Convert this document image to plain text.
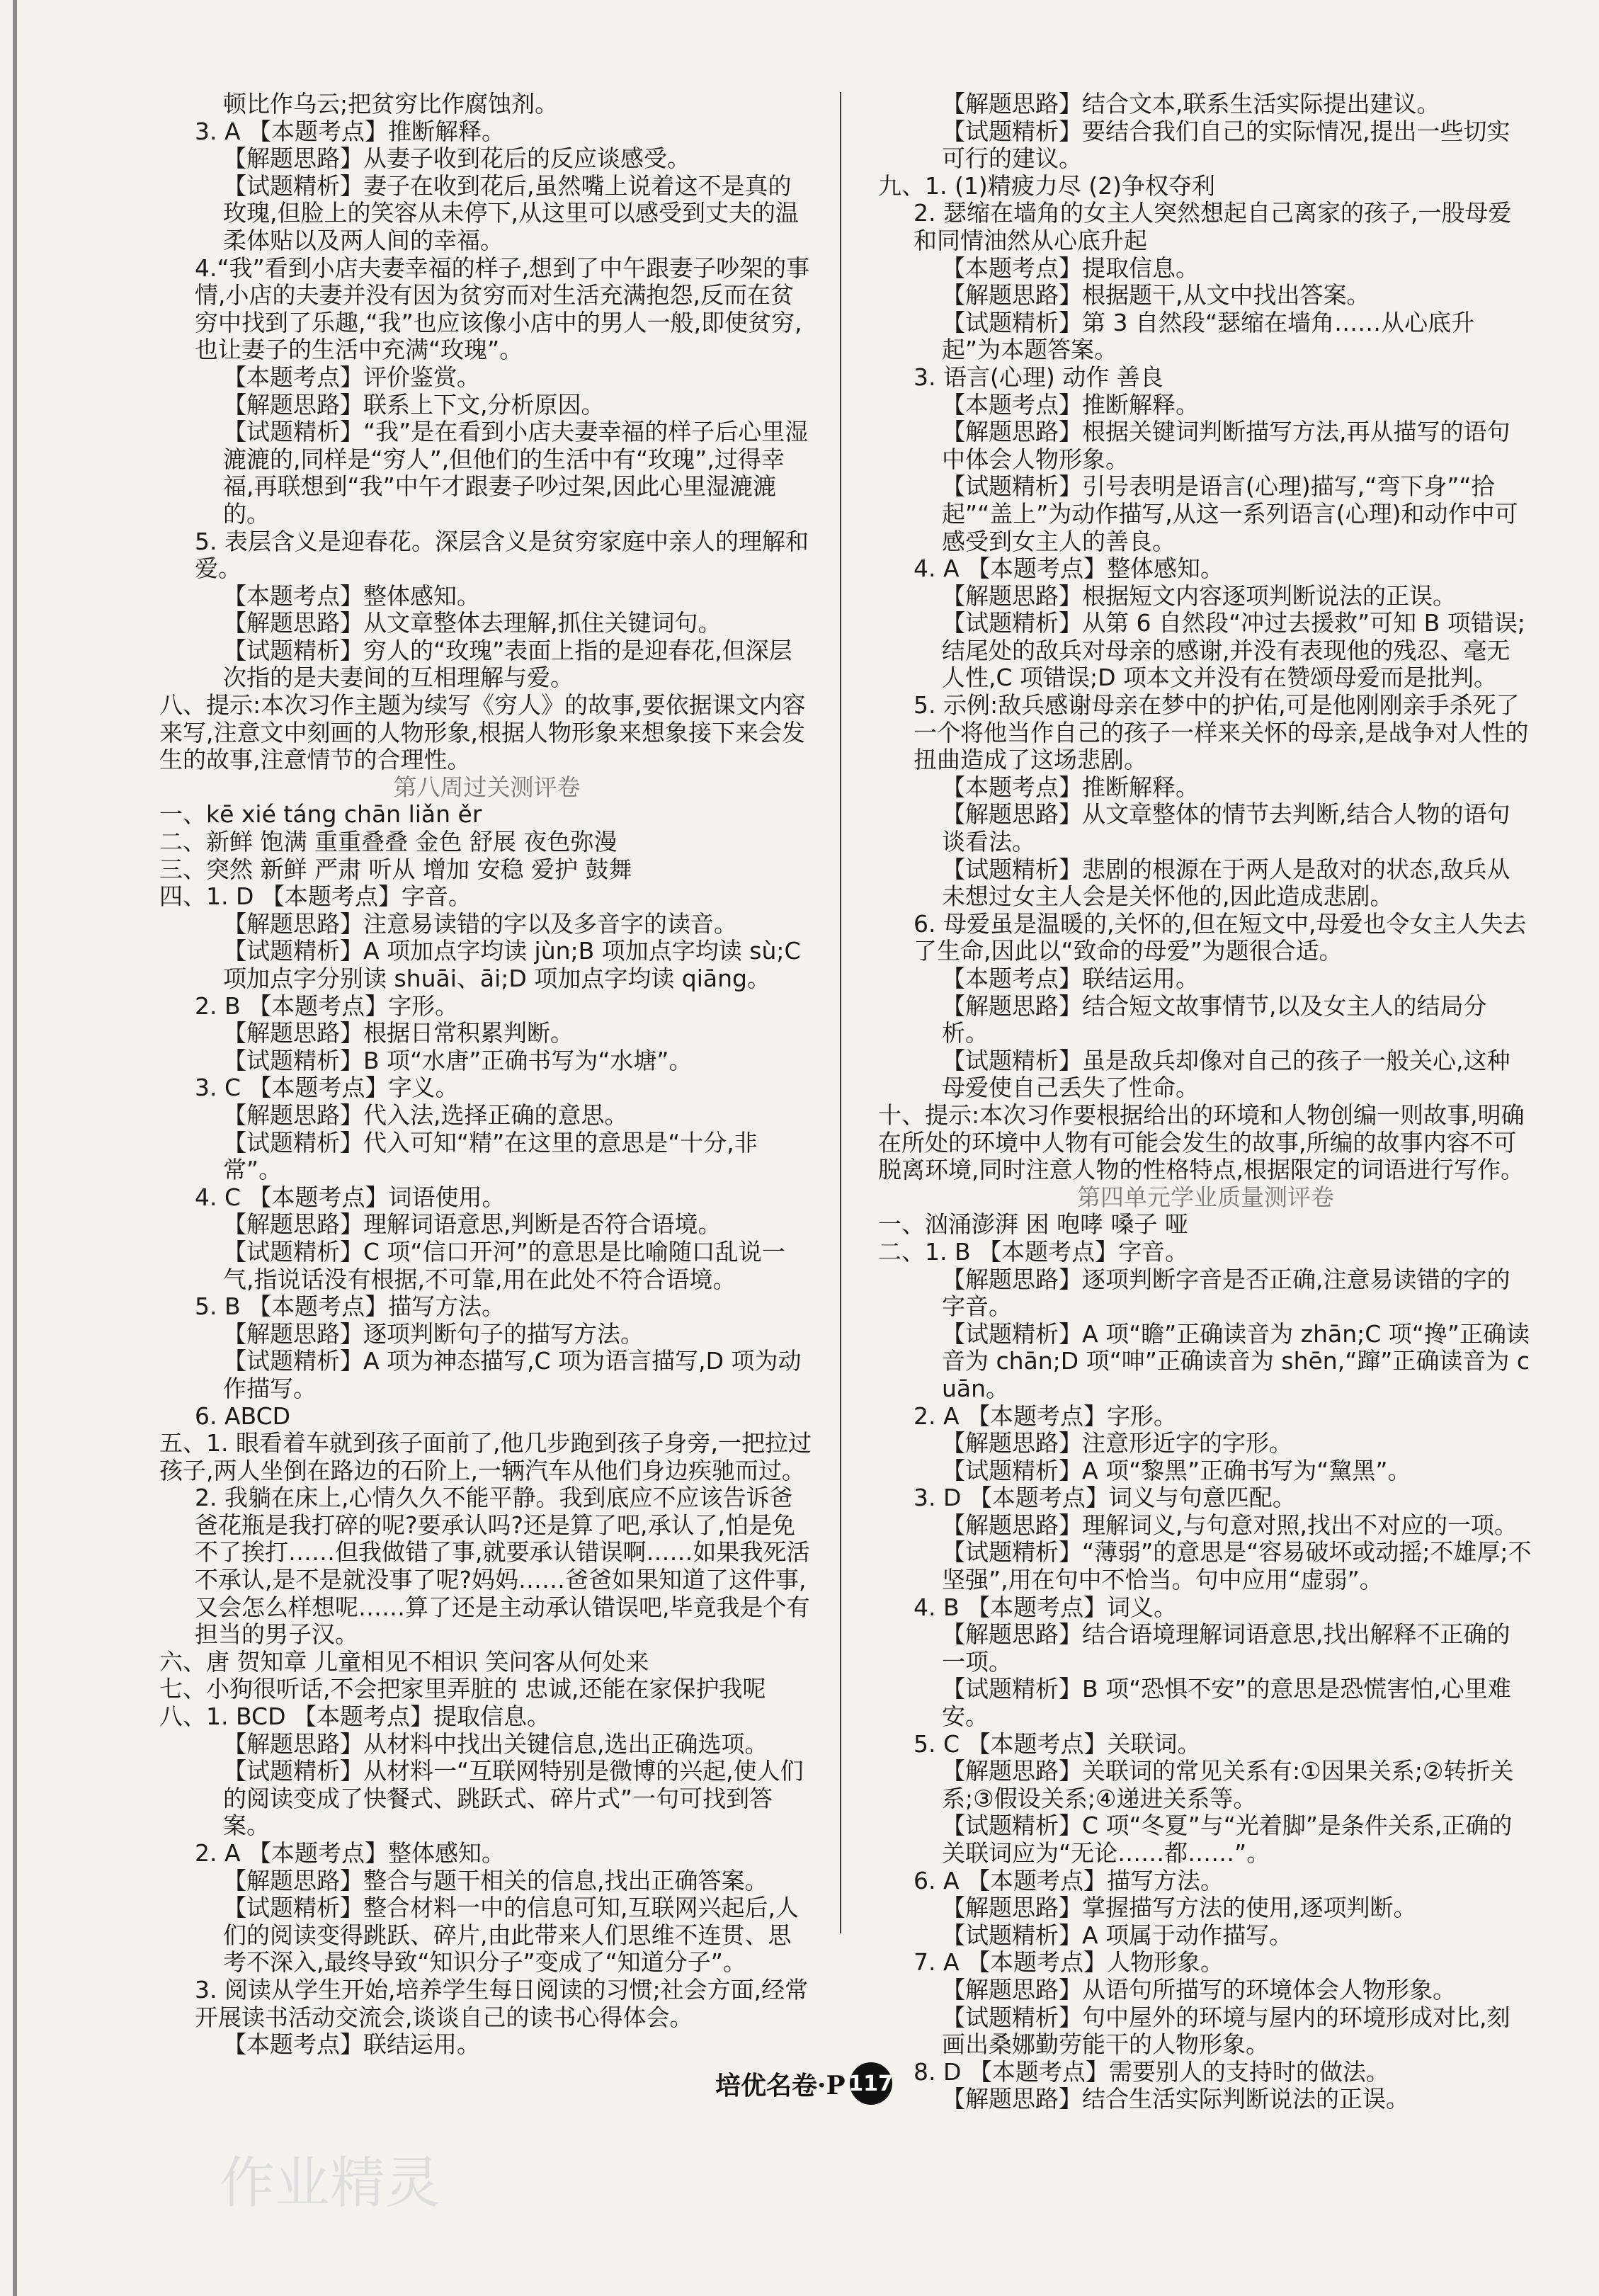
顿比作乌云;把贫穷比作腐蚀剂。

3. A 【本题考点】推断解释。

【解题思路】从妻子收到花后的反应谈感受。

【试题精析】妻子在收到花后,虽然嘴上说着这不是真的玫瑰,但脸上的笑容从未停下,从这里可以感受到丈夫的温柔体贴以及两人间的幸福。

4.“我”看到小店夫妻幸福的样子,想到了中午跟妻子吵架的事情,小店的夫妻并没有因为贫穷而对生活充满抱怨,反而在贫穷中找到了乐趣,“我”也应该像小店中的男人一般,即使贫穷,也让妻子的生活中充满“玫瑰”。

【本题考点】评价鉴赏。

【解题思路】联系上下文,分析原因。

【试题精析】“我”是在看到小店夫妻幸福的样子后心里湿漉漉的,同样是“穷人”,但他们的生活中有“玫瑰”,过得幸福,再联想到“我”中午才跟妻子吵过架,因此心里湿漉漉的。

5. 表层含义是迎春花。深层含义是贫穷家庭中亲人的理解和爱。

【本题考点】整体感知。

【解题思路】从文章整体去理解,抓住关键词句。

【试题精析】穷人的“玫瑰”表面上指的是迎春花,但深层次指的是夫妻间的互相理解与爱。

八、提示:本次习作主题为续写《穷人》的故事,要依据课文内容来写,注意文中刻画的人物形象,根据人物形象来想象接下来会发生的故事,注意情节的合理性。

第八周过关测评卷

一、kē xié táng chān liǎn ěr

二、新鲜 饱满 重重叠叠 金色 舒展 夜色弥漫

三、突然 新鲜 严肃 听从 增加 安稳 爱护 鼓舞

四、1. D 【本题考点】字音。

【解题思路】注意易读错的字以及多音字的读音。

【试题精析】A 项加点字均读 jùn;B 项加点字均读 sù;C 项加点字分别读 shuāi、āi;D 项加点字均读 qiāng。

2. B 【本题考点】字形。

【解题思路】根据日常积累判断。

【试题精析】B 项“水唐”正确书写为“水塘”。

3. C 【本题考点】字义。

【解题思路】代入法,选择正确的意思。

【试题精析】代入可知“精”在这里的意思是“十分,非常”。

4. C 【本题考点】词语使用。

【解题思路】理解词语意思,判断是否符合语境。

【试题精析】C 项“信口开河”的意思是比喻随口乱说一气,指说话没有根据,不可靠,用在此处不符合语境。

5. B 【本题考点】描写方法。

【解题思路】逐项判断句子的描写方法。

【试题精析】A 项为神态描写,C 项为语言描写,D 项为动作描写。

6. ABCD

五、1. 眼看着车就到孩子面前了,他几步跑到孩子身旁,一把拉过孩子,两人坐倒在路边的石阶上,一辆汽车从他们身边疾驰而过。

2. 我躺在床上,心情久久不能平静。我到底应不应该告诉爸爸花瓶是我打碎的呢?要承认吗?还是算了吧,承认了,怕是免不了挨打……但我做错了事,就要承认错误啊……如果我死活不承认,是不是就没事了呢?妈妈……爸爸如果知道了这件事,又会怎么样想呢……算了还是主动承认错误吧,毕竟我是个有担当的男子汉。

六、唐 贺知章 儿童相见不相识 笑问客从何处来

七、小狗很听话,不会把家里弄脏的 忠诚,还能在家保护我呢

八、1. BCD 【本题考点】提取信息。

【解题思路】从材料中找出关键信息,选出正确选项。

【试题精析】从材料一“互联网特别是微博的兴起,使人们的阅读变成了快餐式、跳跃式、碎片式”一句可找到答案。

2. A 【本题考点】整体感知。

【解题思路】整合与题干相关的信息,找出正确答案。

【试题精析】整合材料一中的信息可知,互联网兴起后,人们的阅读变得跳跃、碎片,由此带来人们思维不连贯、思考不深入,最终导致“知识分子”变成了“知道分子”。

3. 阅读从学生开始,培养学生每日阅读的习惯;社会方面,经常开展读书活动交流会,谈谈自己的读书心得体会。

【本题考点】联结运用。

【解题思路】结合文本,联系生活实际提出建议。

【试题精析】要结合我们自己的实际情况,提出一些切实可行的建议。

九、1. (1)精疲力尽 (2)争权夺利

2. 瑟缩在墙角的女主人突然想起自己离家的孩子,一股母爱和同情油然从心底升起

【本题考点】提取信息。

【解题思路】根据题干,从文中找出答案。

【试题精析】第 3 自然段“瑟缩在墙角……从心底升起”为本题答案。

3. 语言(心理) 动作 善良

【本题考点】推断解释。

【解题思路】根据关键词判断描写方法,再从描写的语句中体会人物形象。

【试题精析】引号表明是语言(心理)描写,“弯下身”“拾起”“盖上”为动作描写,从这一系列语言(心理)和动作中可感受到女主人的善良。

4. A 【本题考点】整体感知。

【解题思路】根据短文内容逐项判断说法的正误。

【试题精析】从第 6 自然段“冲过去援救”可知 B 项错误;结尾处的敌兵对母亲的感谢,并没有表现他的残忍、毫无人性,C 项错误;D 项本文并没有在赞颂母爱而是批判。

5. 示例:敌兵感谢母亲在梦中的护佑,可是他刚刚亲手杀死了一个将他当作自己的孩子一样来关怀的母亲,是战争对人性的扭曲造成了这场悲剧。

【本题考点】推断解释。

【解题思路】从文章整体的情节去判断,结合人物的语句谈看法。

【试题精析】悲剧的根源在于两人是敌对的状态,敌兵从未想过女主人会是关怀他的,因此造成悲剧。

6. 母爱虽是温暖的,关怀的,但在短文中,母爱也令女主人失去了生命,因此以“致命的母爱”为题很合适。

【本题考点】联结运用。

【解题思路】结合短文故事情节,以及女主人的结局分析。

【试题精析】虽是敌兵却像对自己的孩子一般关心,这种母爱使自己丢失了性命。

十、提示:本次习作要根据给出的环境和人物创编一则故事,明确在所处的环境中人物有可能会发生的故事,所编的故事内容不可脱离环境,同时注意人物的性格特点,根据限定的词语进行写作。

第四单元学业质量测评卷

一、汹涌澎湃 困 咆哮 嗓子 哑

二、1. B 【本题考点】字音。

【解题思路】逐项判断字音是否正确,注意易读错的字的字音。

【试题精析】A 项“瞻”正确读音为 zhān;C 项“搀”正确读音为 chān;D 项“呻”正确读音为 shēn,“蹿”正确读音为 cuān。

2. A 【本题考点】字形。

【解题思路】注意形近字的字形。

【试题精析】A 项“黎黑”正确书写为“黧黑”。

3. D 【本题考点】词义与句意匹配。

【解题思路】理解词义,与句意对照,找出不对应的一项。

【试题精析】“薄弱”的意思是“容易破坏或动摇;不雄厚;不坚强”,用在句中不恰当。句中应用“虚弱”。

4. B 【本题考点】词义。

【解题思路】结合语境理解词语意思,找出解释不正确的一项。

【试题精析】B 项“恐惧不安”的意思是恐慌害怕,心里难安。

5. C 【本题考点】关联词。

【解题思路】关联词的常见关系有:①因果关系;②转折关系;③假设关系;④递进关系等。

【试题精析】C 项“冬夏”与“光着脚”是条件关系,正确的关联词应为“无论……都……”。

6. A 【本题考点】描写方法。

【解题思路】掌握描写方法的使用,逐项判断。

【试题精析】A 项属于动作描写。

7. A 【本题考点】人物形象。

【解题思路】从语句所描写的环境体会人物形象。

【试题精析】句中屋外的环境与屋内的环境形成对比,刻画出桑娜勤劳能干的人物形象。

8. D 【本题考点】需要别人的支持时的做法。

【解题思路】结合生活实际判断说法的正误。

培优名卷·P 117
作业精灵
